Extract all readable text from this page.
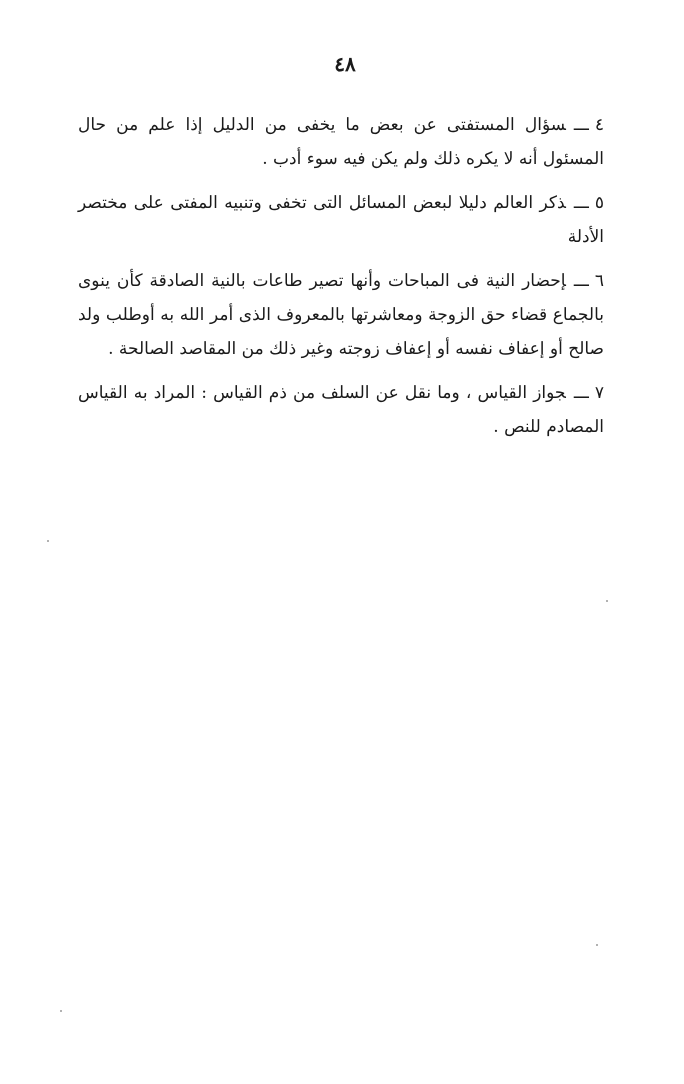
٤٨

٤ـــسؤال المستفتى عن بعض ما يخفى من الدليل إذا علم من حال المسئول أنه لا يكره ذلك ولم يكن فيه سوء أدب .

٥ـــذكر العالم دليلا لبعض المسائل التى تخفى وتنبيه المفتى على مختصر الأدلة

٦ـــإحضار النية فى المباحات وأنها تصير طاعات بالنية الصادقة كأن ينوى بالجماع قضاء حق الزوجة ومعاشرتها بالمعروف الذى أمر الله به أوطلب ولد صالح أو إعفاف نفسه أو إعفاف زوجته وغير ذلك من المقاصد الصالحة .

٧ـــجواز القياس ، وما نقل عن السلف من ذم القياس : المراد به القياس المصادم للنص .
